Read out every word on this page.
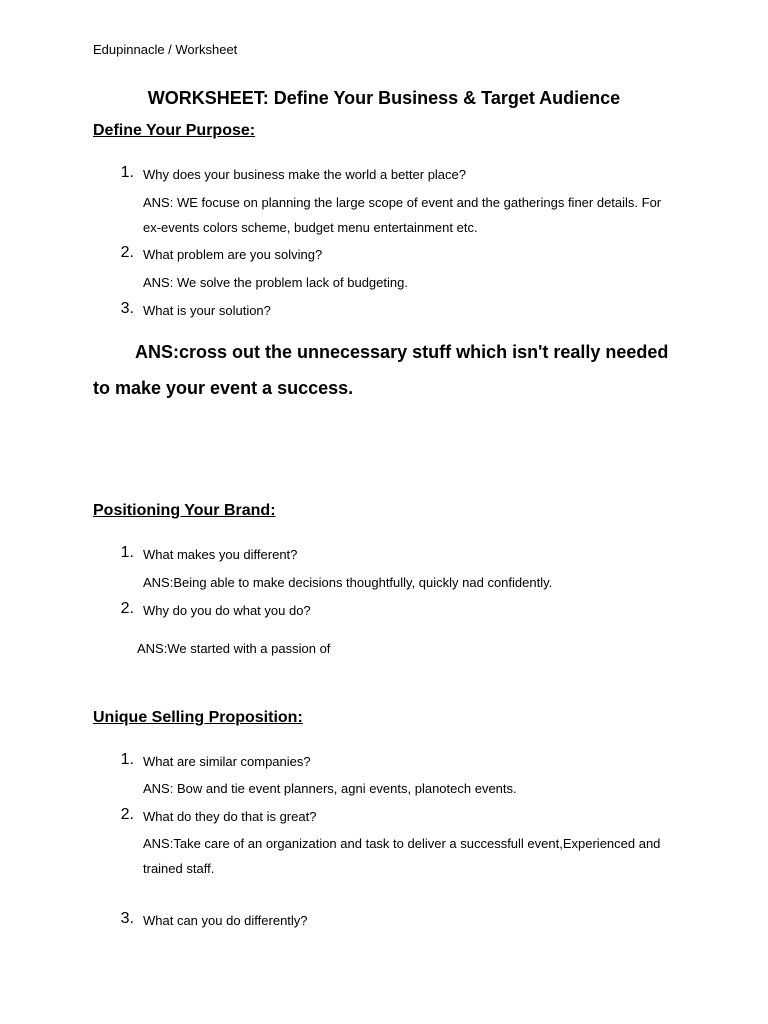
Edupinnacle / Worksheet

WORKSHEET: Define Your Business & Target Audience
Define Your Purpose:
1. Why does your business make the world a better place?

ANS: WE focuse on planning the large scope of event and the gatherings finer details. For ex-events colors scheme, budget menu entertainment etc.

2. What problem are you solving?

ANS: We solve the problem lack of budgeting.

3. What is your solution?

ANS:cross out the unnecessary stuff which isn't really needed to make your event a success.

Positioning Your Brand:
1. What makes you different?

ANS:Being able to make decisions thoughtfully, quickly nad confidently.

2. Why do you do what you do?

ANS:We started with a passion of

Unique Selling Proposition:
1. What are similar companies?

ANS: Bow and tie event planners, agni events, planotech events.

2. What do they do that is great?

ANS:Take care of an organization and task to deliver a successfull event,Experienced and trained staff.

3. What can you do differently?
